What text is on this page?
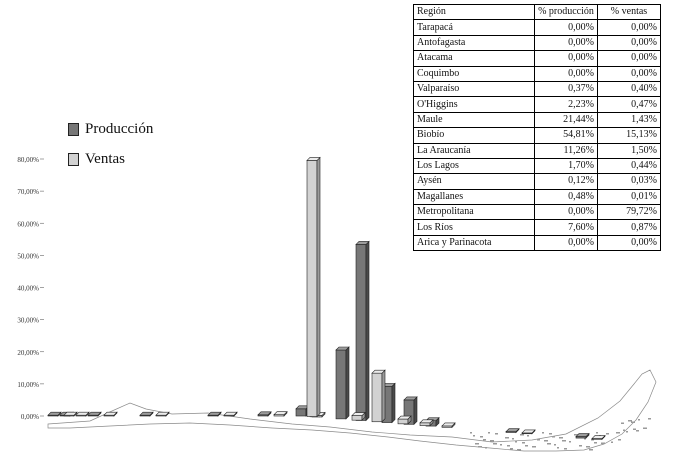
0,00%
10,00%
20,00%
30,00%
40,00%
50,00%
60,00%
70,00%
80,00%
Producción
Ventas
Región	% producción	% ventas
Tarapacá	0,00%	0,00%
Antofagasta	0,00%	0,00%
Atacama	0,00%	0,00%
Coquimbo	0,00%	0,00%
Valparaíso	0,37%	0,40%
O'Higgins	2,23%	0,47%
Maule	21,44%	1,43%
Biobío	54,81%	15,13%
La Araucanía	11,26%	1,50%
Los Lagos	1,70%	0,44%
Aysén	0,12%	0,03%
Magallanes	0,48%	0,01%
Metropolitana	0,00%	79,72%
Los Ríos	7,60%	0,87%
Arica y Parinacota	0,00%	0,00%
